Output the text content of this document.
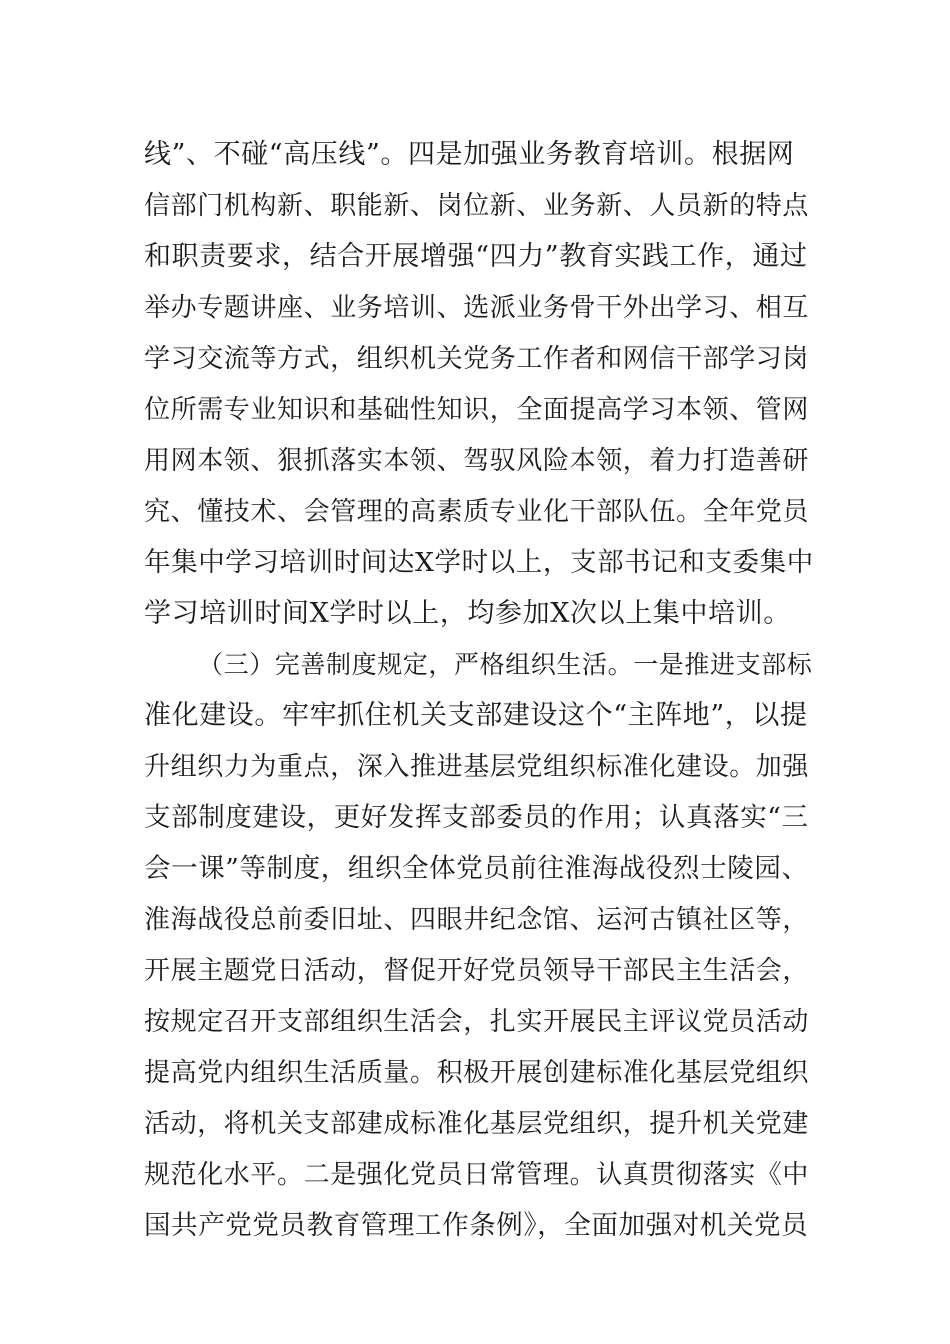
线”、不碰“高压线”。四是加强业务教育培训。根据网
信部门机构新、职能新、岗位新、业务新、人员新的特点
和职责要求，结合开展增强“四力”教育实践工作，通过
举办专题讲座、业务培训、选派业务骨干外出学习、相互
学习交流等方式，组织机关党务工作者和网信干部学习岗
位所需专业知识和基础性知识，全面提高学习本领、管网
用网本领、狠抓落实本领、驾驭风险本领，着力打造善研
究、懂技术、会管理的高素质专业化干部队伍。全年党员
年集中学习培训时间达X学时以上，支部书记和支委集中
学习培训时间X学时以上，均参加X次以上集中培训。
（三）完善制度规定，严格组织生活。一是推进支部标
准化建设。牢牢抓住机关支部建设这个“主阵地”，以提
升组织力为重点，深入推进基层党组织标准化建设。加强
支部制度建设，更好发挥支部委员的作用；认真落实“三
会一课”等制度，组织全体党员前往淮海战役烈士陵园、
淮海战役总前委旧址、四眼井纪念馆、运河古镇社区等，
开展主题党日活动，督促开好党员领导干部民主生活会，
按规定召开支部组织生活会，扎实开展民主评议党员活动
提高党内组织生活质量。积极开展创建标准化基层党组织
活动，将机关支部建成标准化基层党组织，提升机关党建
规范化水平。二是强化党员日常管理。认真贯彻落实《中
国共产党党员教育管理工作条例》，全面加强对机关党员
